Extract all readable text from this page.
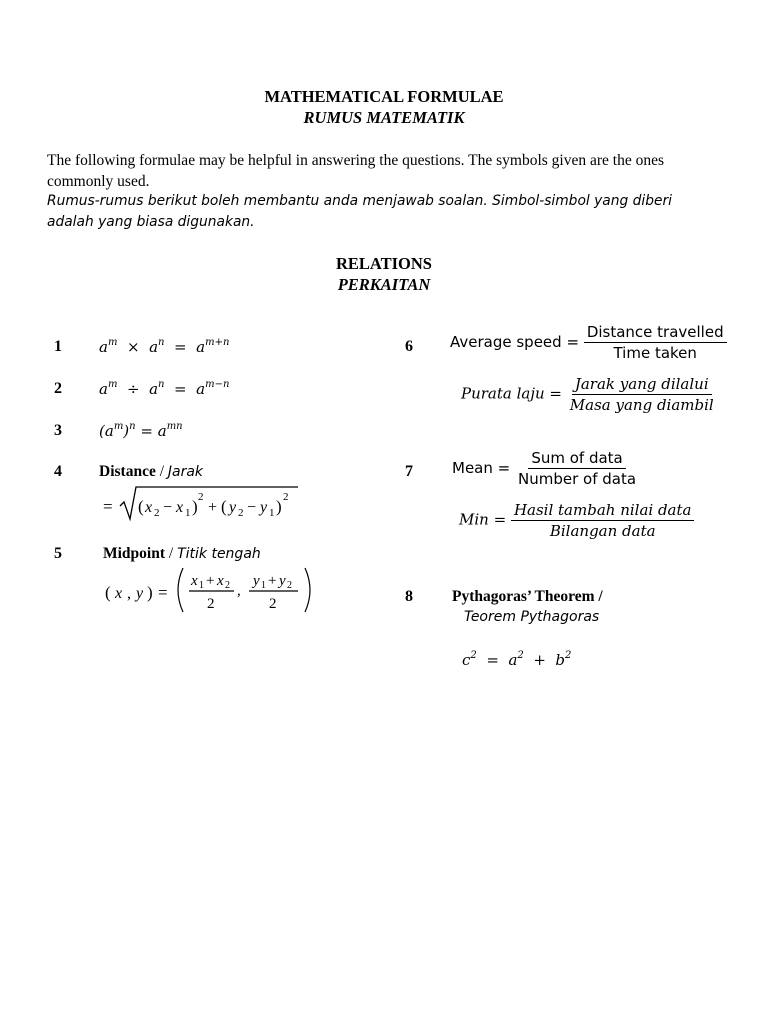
MATHEMATICAL FORMULAE
RUMUS MATEMATIK
The following formulae may be helpful in answering the questions. The symbols given are the ones commonly used.
Rumus-rumus berikut boleh membantu anda menjawab soalan. Simbol-simbol yang diberi adalah yang biasa digunakan.
RELATIONS
PERKAITAN
1 $a^m \times a^n = a^{m+n}$
2 $a^m \div a^n = a^{m-n}$
3 $(a^m)^n = a^{mn}$
4 Distance / Jarak
= ( x 2 − x 1 ) 2
+ ( y 2 − y 1 ) 2
5	Midpoint / Titik tengah
( x , y ) =
x 1 + x 2
2
,
y 1 + y 2
2
6 Average speed = $\frac{\text{Distance travelled}}{\text{Time taken}}$
Purata laju = $\frac{\text{Jarak yang dilalui}}{\text{Masa yang diambil}}$
7	Mean = $\frac{\text{Sum of data}}{\text{Number of data}}$
Min = $\frac{\text{Hasil tambah nilai data}}{\text{Bilangan data}}$
8	Pythagoras’ Theorem /
Teorem Pythagoras
$c^2 = a^2 + b^2$
